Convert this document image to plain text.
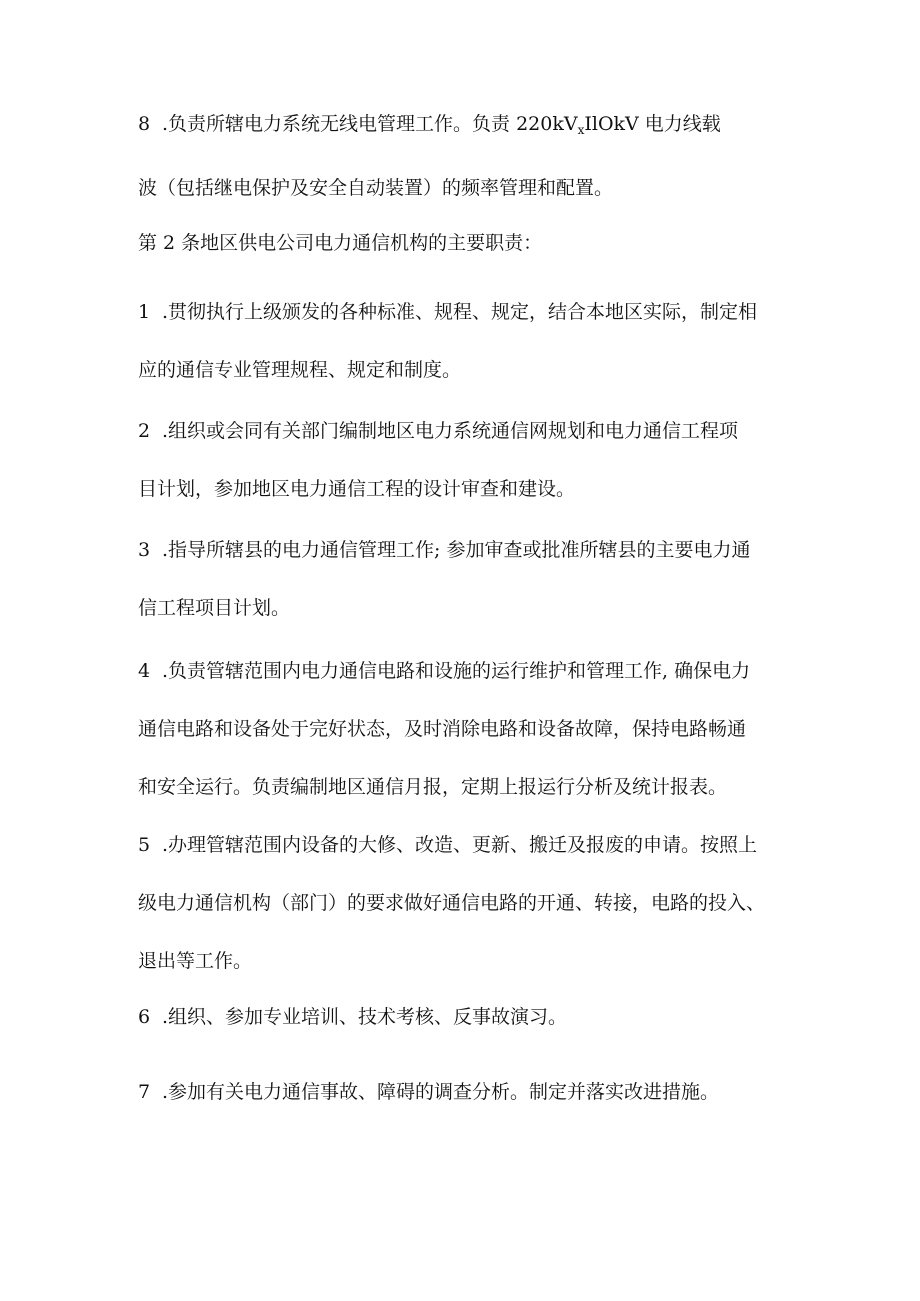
8 .负责所辖电力系统无线电管理工作。负责 $220kV_xIlOkV$ 电力线载
波（包括继电保护及安全自动装置）的频率管理和配置。

第 2 条地区供电公司电力通信机构的主要职责：

1 .贯彻执行上级颁发的各种标准、规程、规定，结合本地区实际，制定相
应的通信专业管理规程、规定和制度。

2 .组织或会同有关部门编制地区电力系统通信网规划和电力通信工程项
目计划，参加地区电力通信工程的设计审查和建设。

3 .指导所辖县的电力通信管理工作; 参加审查或批准所辖县的主要电力通
信工程项目计划。

4 .负责管辖范围内电力通信电路和设施的运行维护和管理工作, 确保电力
通信电路和设备处于完好状态，及时消除电路和设备故障，保持电路畅通
和安全运行。负责编制地区通信月报，定期上报运行分析及统计报表。

5 .办理管辖范围内设备的大修、改造、更新、搬迁及报废的申请。按照上
级电力通信机构（部门）的要求做好通信电路的开通、转接，电路的投入、
退出等工作。

6 .组织、参加专业培训、技术考核、反事故演习。

7 .参加有关电力通信事故、障碍的调查分析。制定并落实改进措施。
